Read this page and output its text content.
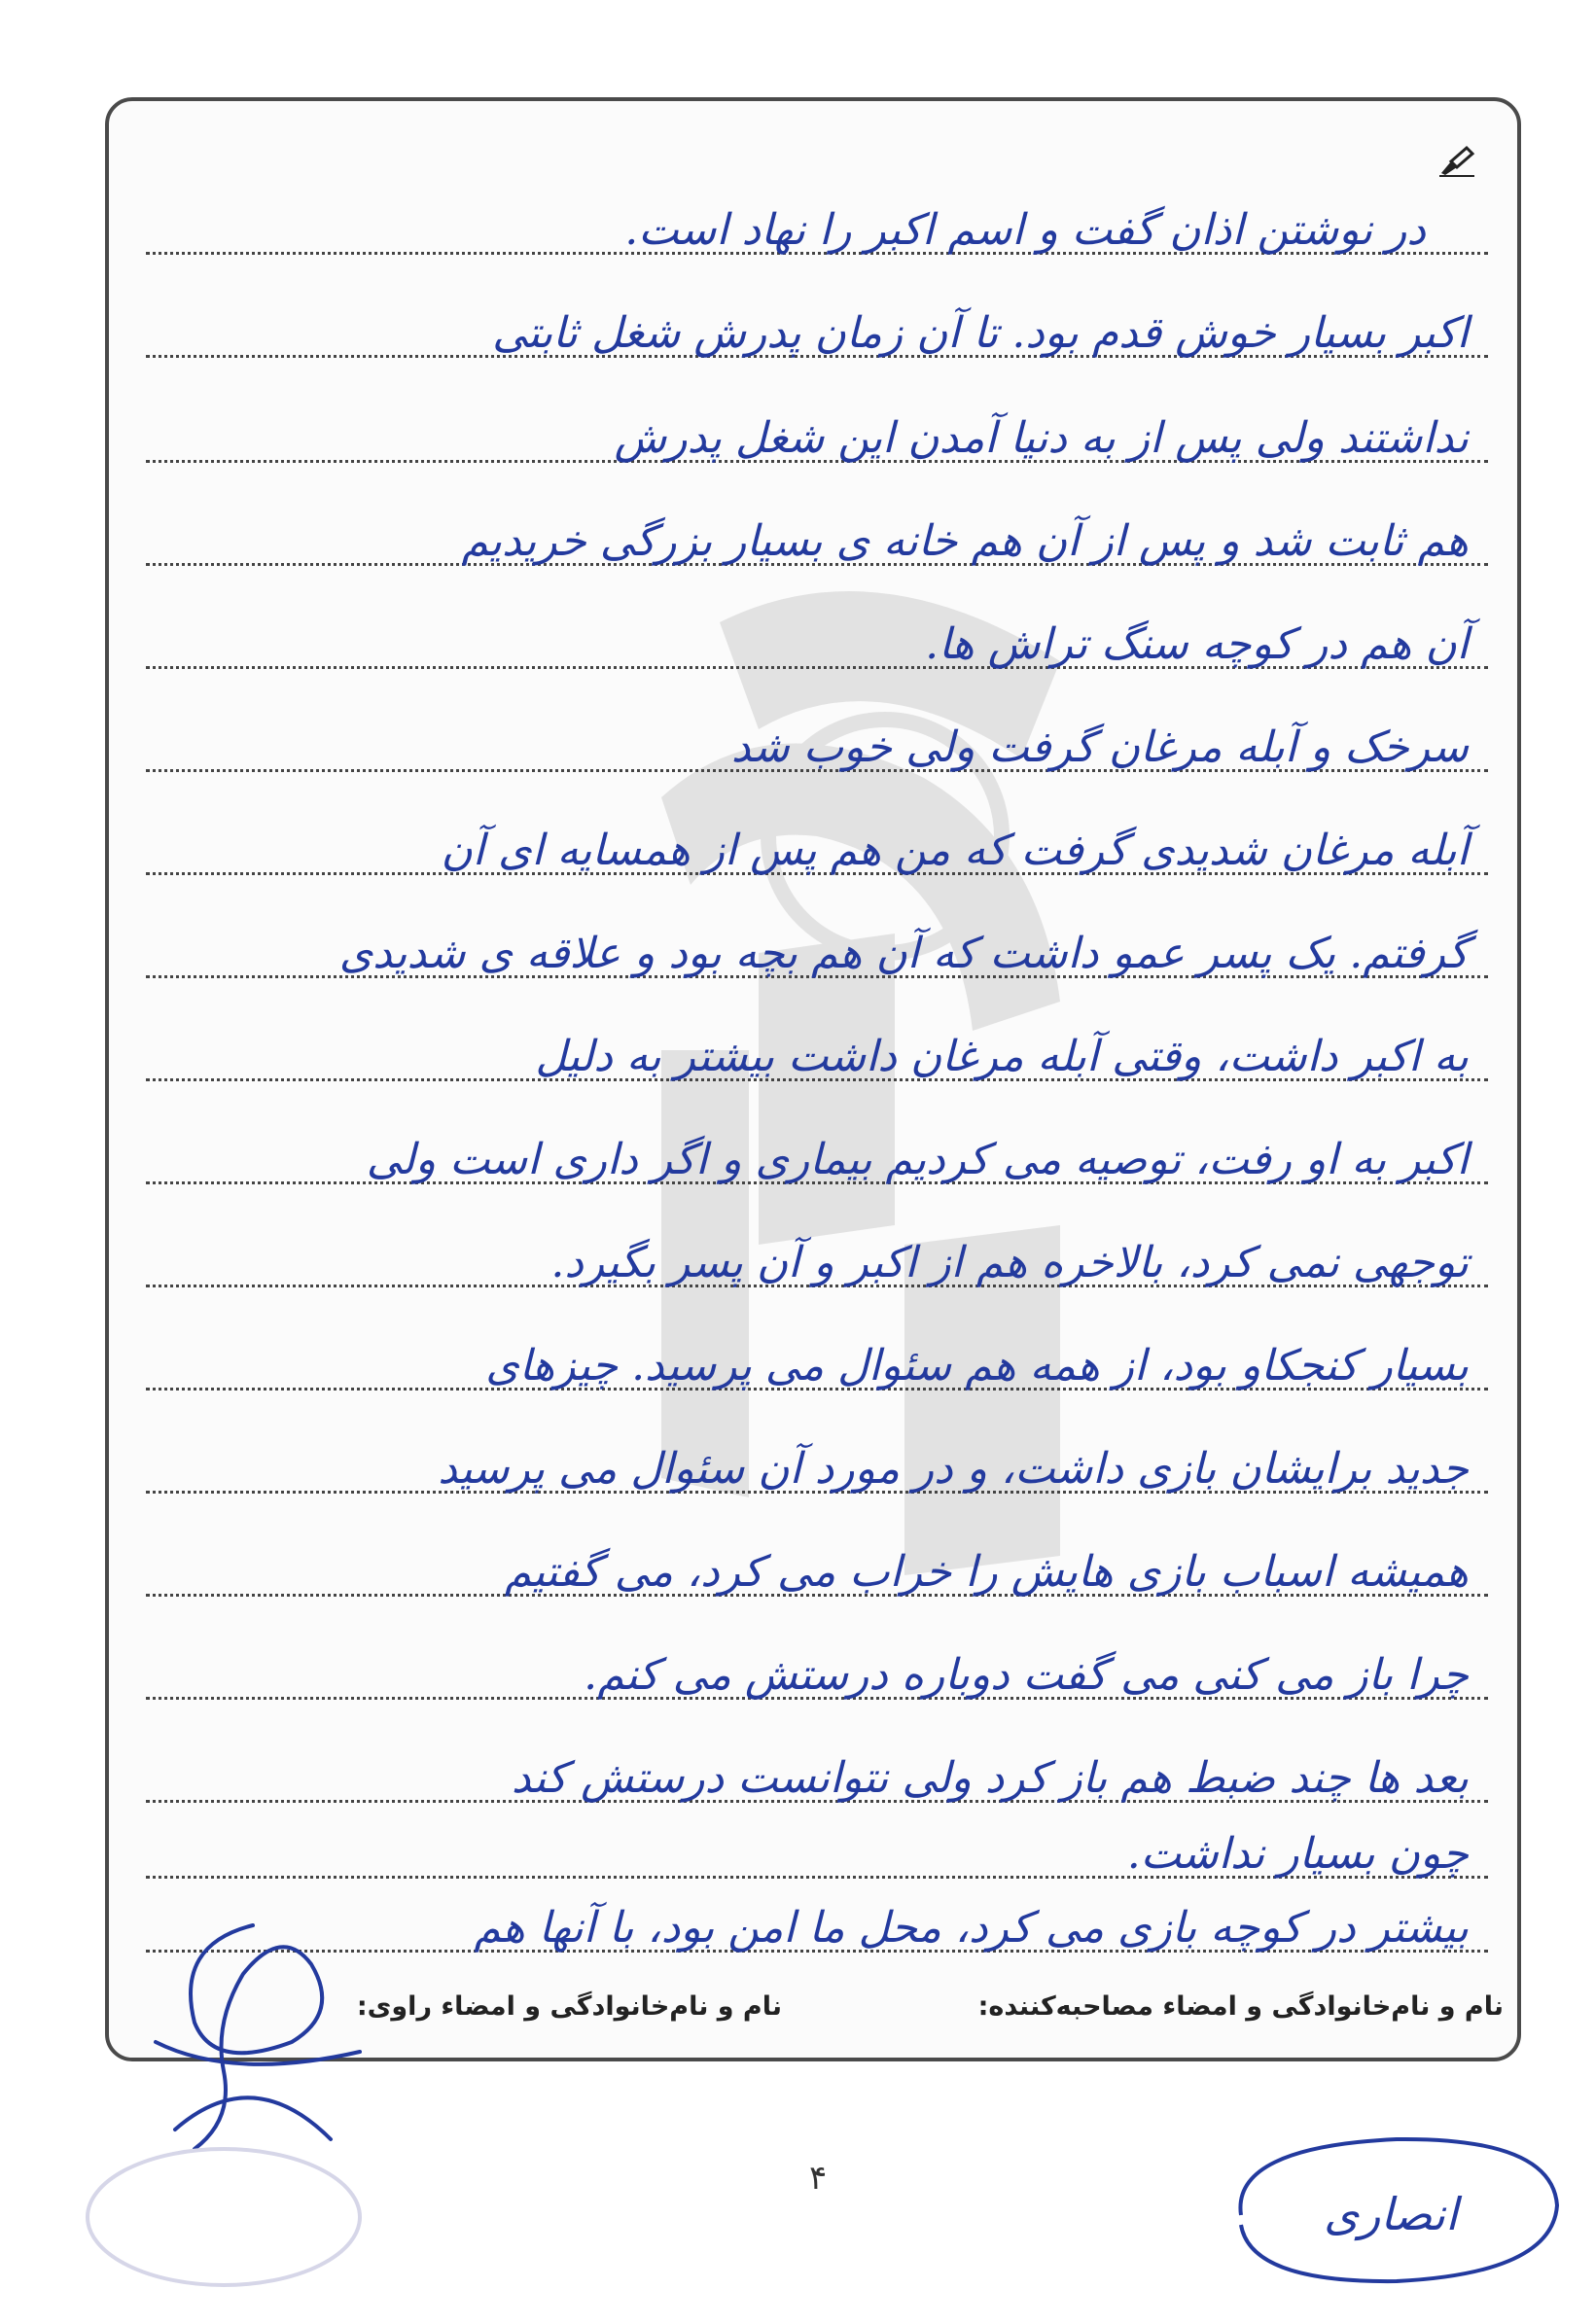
در نوشتن اذان گفت و اسم اکبر را نهاد است.
اکبر بسیار خوش قدم بود. تا آن زمان پدرش شغل ثابتی
نداشتند ولی پس از به دنیا آمدن این شغل پدرش
هم ثابت شد و پس از آن هم خانه ی بسیار بزرگی خریدیم
آن هم در کوچه سنگ تراش ها.
سرخک و آبله مرغان گرفت ولی خوب شد
آبله مرغان شدیدی گرفت که من هم پس از همسایه ای آن
گرفتم. یک پسر عمو داشت که آن هم بچه بود و علاقه ی شدیدی
به اکبر داشت، وقتی آبله مرغان داشت بیشتر به دلیل
اکبر به او رفت، توصیه می کردیم بیماری و اگر داری است ولی
توجهی نمی کرد، بالاخره هم از اکبر و آن پسر بگیرد.
بسیار کنجکاو بود، از همه هم سئوال می پرسید. چیزهای
جدید برایشان بازی داشت، و در مورد آن سئوال می پرسید
همیشه اسباب بازی هایش را خراب می کرد، می گفتیم
چرا باز می کنی می گفت دوباره درستش می کنم.
بعد ها چند ضبط هم باز کرد ولی نتوانست درستش کند
چون بسیار نداشت.
بیشتر در کوچه بازی می کرد، محل ما امن بود، با آنها هم
نام و نام‌خانوادگی و امضاء مصاحبه‌کننده:
نام و نام‌خانوادگی و امضاء راوی:
۴
انصاری
